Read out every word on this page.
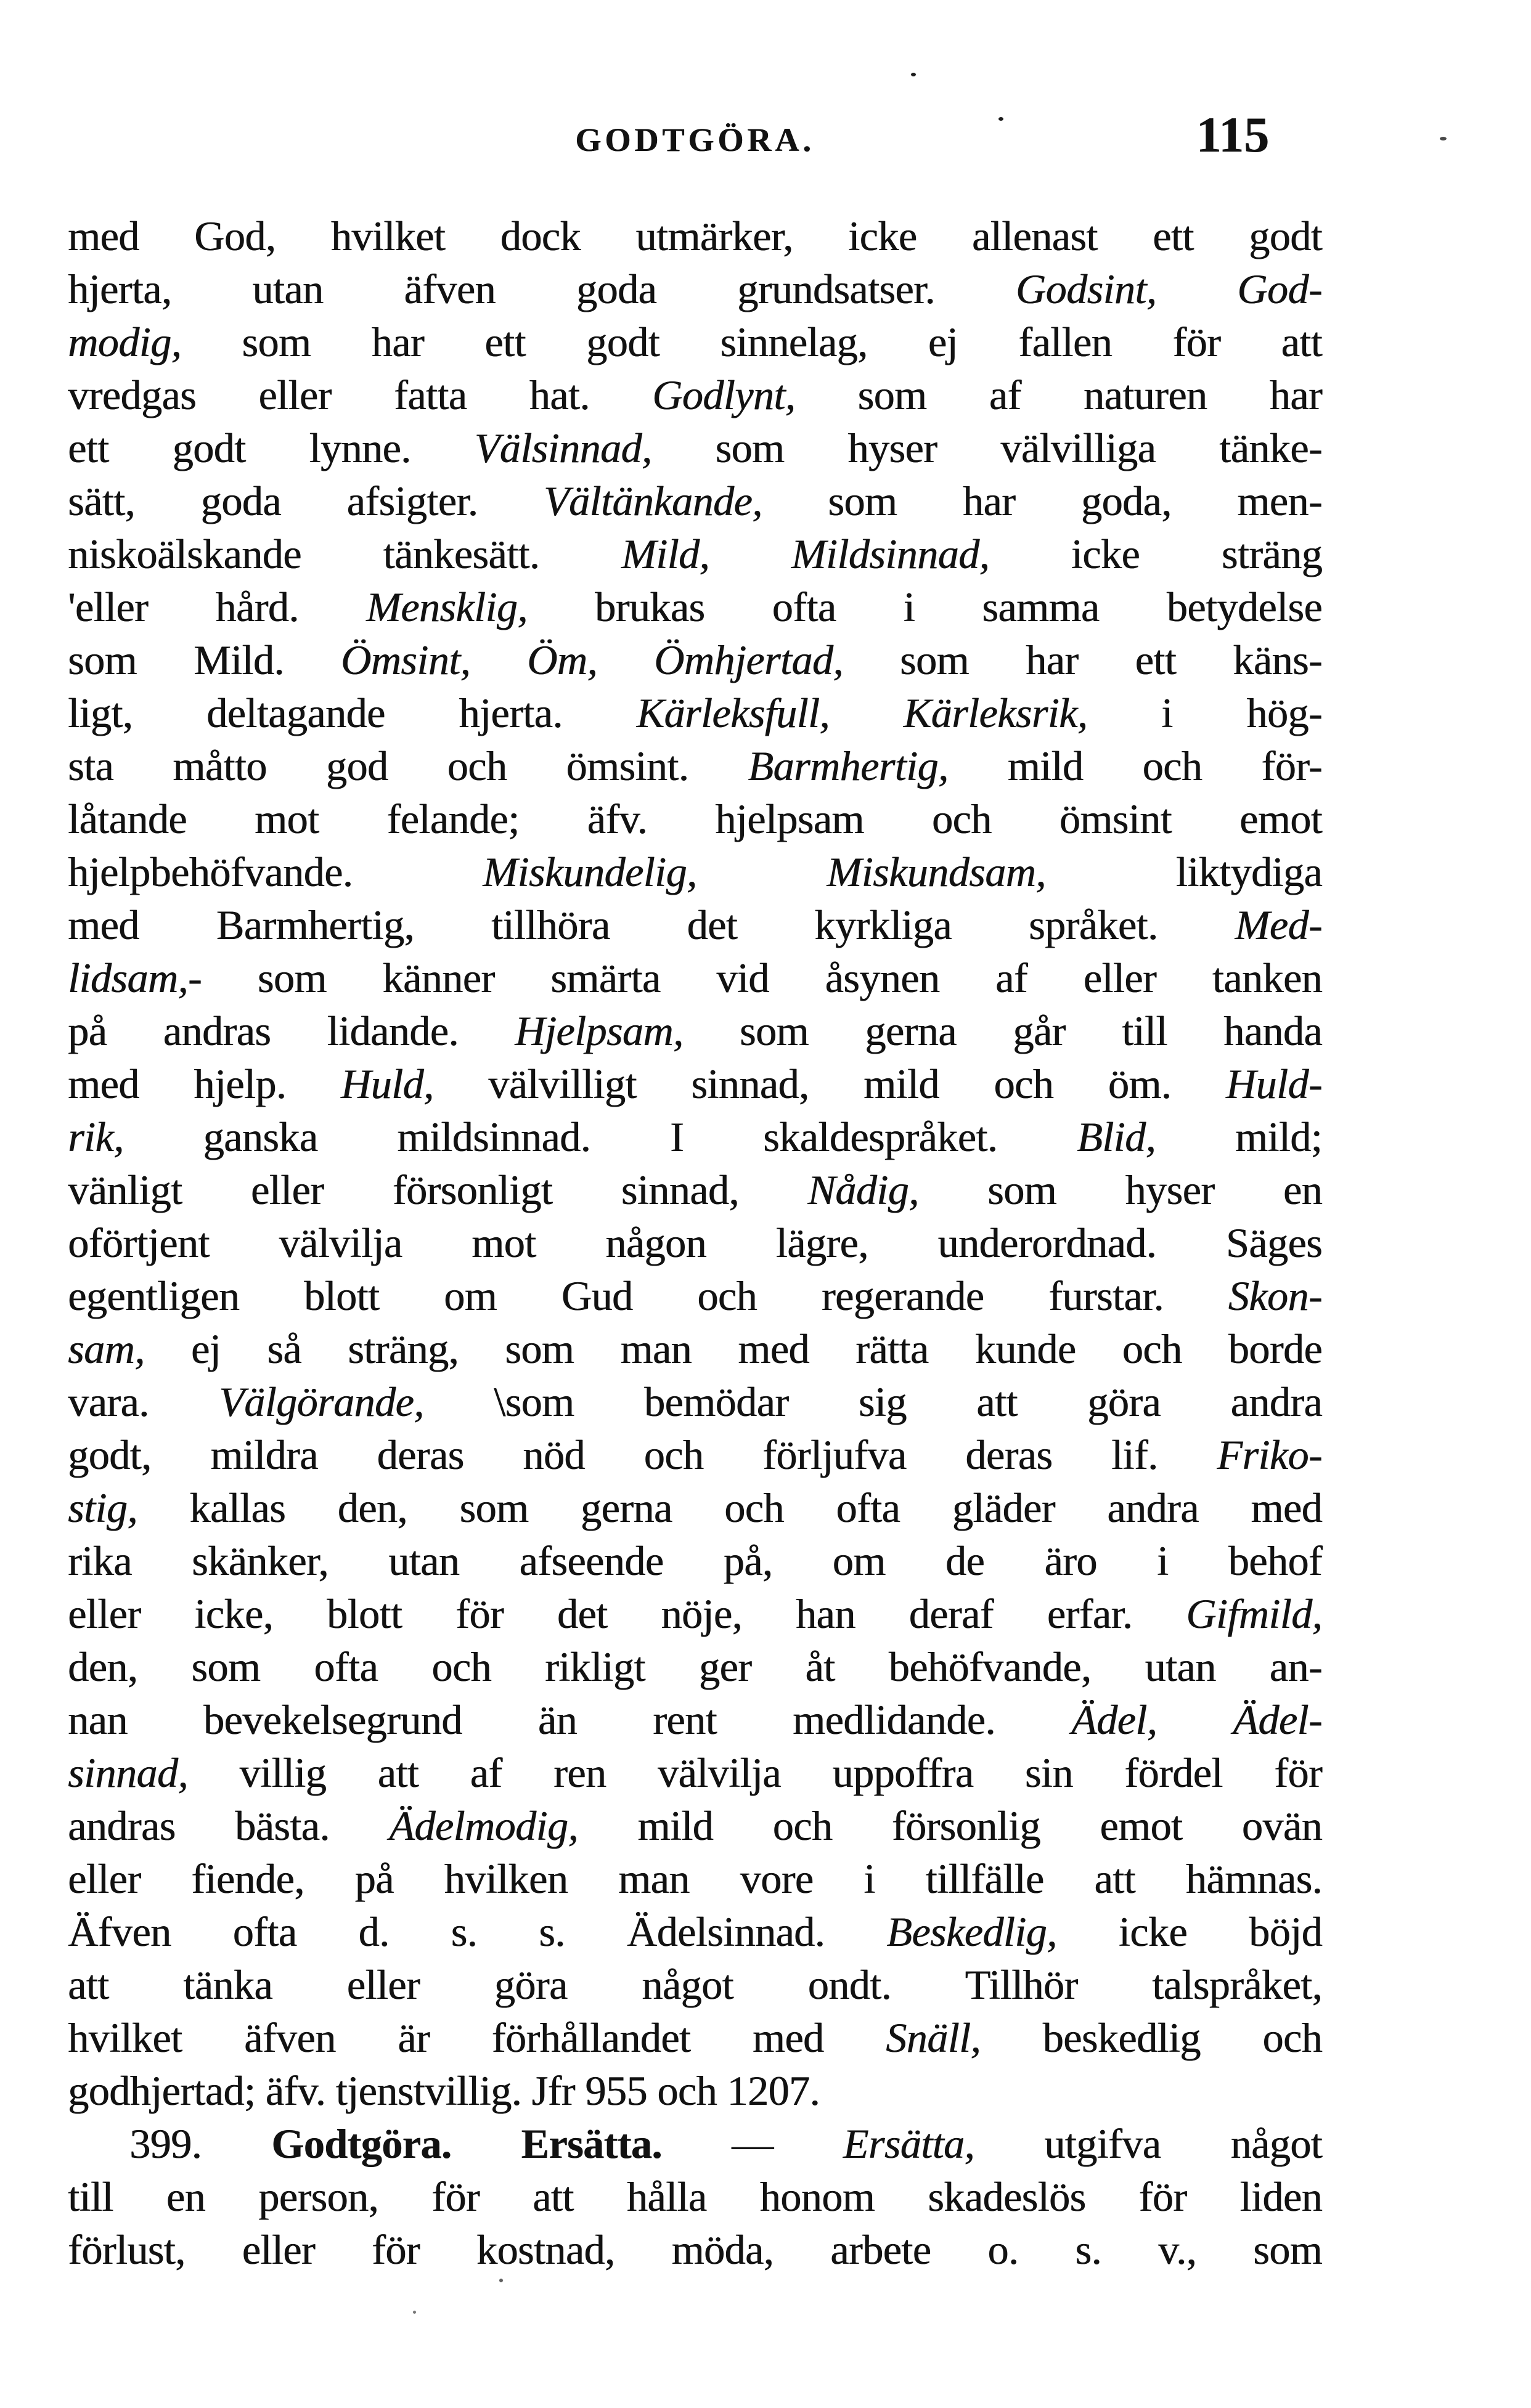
GODTGÖRA.	115
med God, hvilket dock utmärker, icke allenast ett godt
hjerta, utan äfven goda grundsatser. Godsint, God-
modig, som har ett godt sinnelag, ej fallen för att
vredgas eller fatta hat. Godlynt, som af naturen har
ett godt lynne. Välsinnad, som hyser välvilliga tänke-
sätt, goda afsigter. Vältänkande, som har goda, men-
niskoälskande tänkesätt. Mild, Mildsinnad, icke sträng
'eller hård. Mensklig, brukas ofta i samma betydelse
som Mild. Ömsint, Öm, Ömhjertad, som har ett käns-
ligt, deltagande hjerta. Kärleksfull, Kärleksrik, i hög-
sta måtto god och ömsint. Barmhertig, mild och för-
låtande mot felande; äfv. hjelpsam och ömsint emot
hjelpbehöfvande. Miskundelig, Miskundsam, liktydiga
med Barmhertig, tillhöra det kyrkliga språket. Med-
lidsam,- som känner smärta vid åsynen af eller tanken
på andras lidande. Hjelpsam, som gerna går till handa
med hjelp. Huld, välvilligt sinnad, mild och öm. Huld-
rik, ganska mildsinnad. I skaldespråket. Blid, mild;
vänligt eller försonligt sinnad, Nådig, som hyser en
oförtjent välvilja mot någon lägre, underordnad. Säges
egentligen blott om Gud och regerande furstar. Skon-
sam, ej så sträng, som man med rätta kunde och borde
vara. Välgörande, \som bemödar sig att göra andra
godt, mildra deras nöd och förljufva deras lif. Friko-
stig, kallas den, som gerna och ofta gläder andra med
rika skänker, utan afseende på, om de äro i behof
eller icke, blott för det nöje, han deraf erfar. Gifmild,
den, som ofta och rikligt ger åt behöfvande, utan an-
nan bevekelsegrund än rent medlidande. Ädel, Ädel-
sinnad, villig att af ren välvilja uppoffra sin fördel för
andras bästa. Ädelmodig, mild och försonlig emot ovän
eller fiende, på hvilken man vore i tillfälle att hämnas.
Äfven ofta d. s. s. Ädelsinnad. Beskedlig, icke böjd
att tänka eller göra något ondt. Tillhör talspråket,
hvilket äfven är förhållandet med Snäll, beskedlig och
godhjertad; äfv. tjenstvillig. Jfr 955 och 1207.
399. Godtgöra. Ersätta. — Ersätta, utgifva något
till en person, för att hålla honom skadeslös för liden
förlust, eller för kostnad, möda, arbete o. s. v., som
